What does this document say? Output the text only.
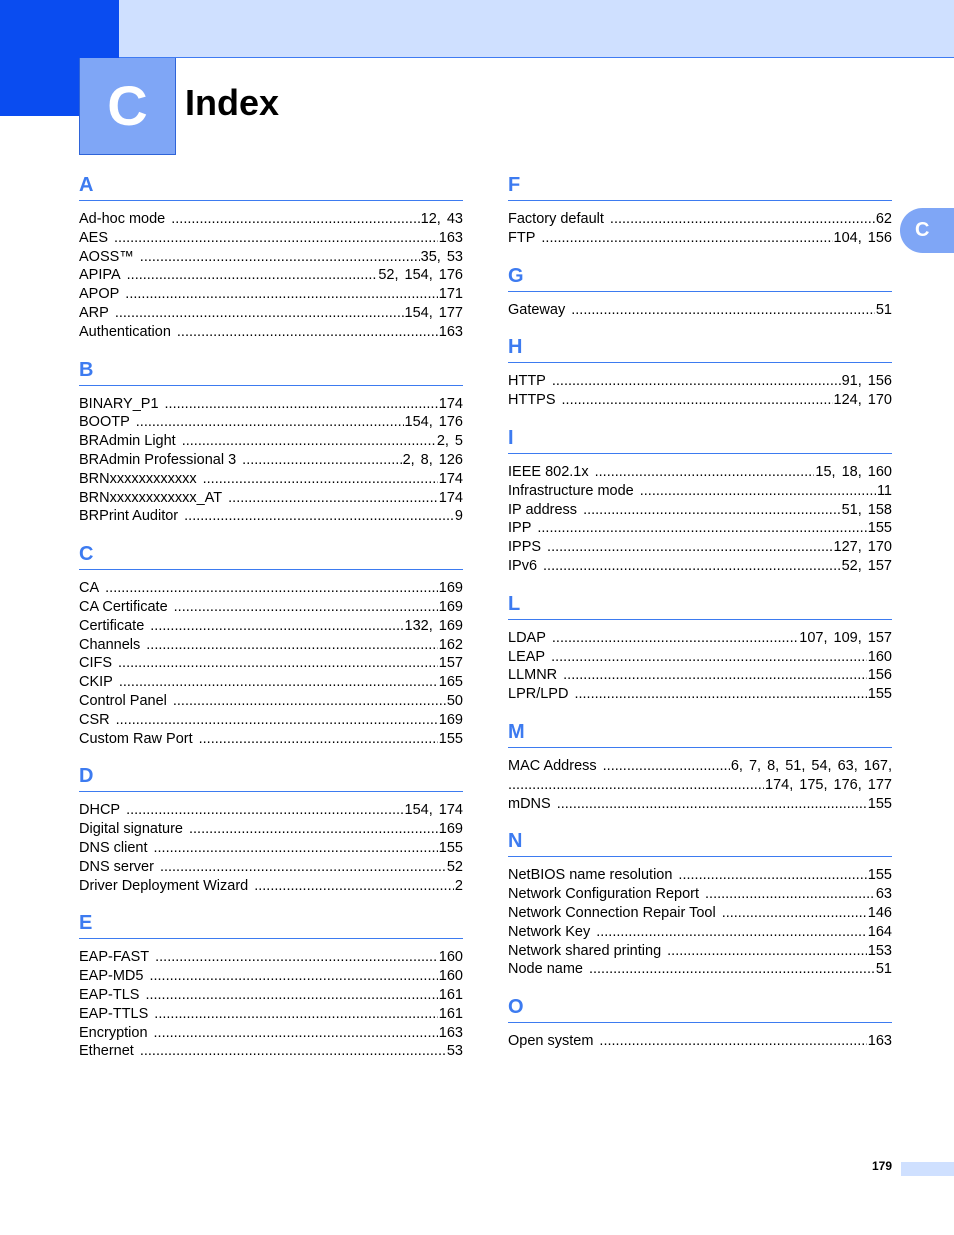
C Index
C
A
Ad-hoc mode .....	12, 43
AES .....	163
AOSS™ .....	35, 53
APIPA .....	52, 154, 176
APOP .....	171
ARP .....	154, 177
Authentication .....	163
B
BINARY_P1 .....	174
BOOTP .....	154, 176
BRAdmin Light .....	2, 5
BRAdmin Professional 3 .....	2, 8, 126
BRNxxxxxxxxxxxx .....	174
BRNxxxxxxxxxxxx_AT .....	174
BRPrint Auditor .....	9
C
CA .....	169
CA Certificate .....	169
Certificate .....	132, 169
Channels .....	162
CIFS .....	157
CKIP .....	165
Control Panel .....	50
CSR .....	169
Custom Raw Port .....	155
D
DHCP .....	154, 174
Digital signature .....	169
DNS client .....	155
DNS server .....	52
Driver Deployment Wizard .....	2
E
EAP-FAST .....	160
EAP-MD5 .....	160
EAP-TLS .....	161
EAP-TTLS .....	161
Encryption .....	163
Ethernet .....	53
F
Factory default .....	62
FTP .....	104, 156
G
Gateway .....	51
H
HTTP .....	91, 156
HTTPS .....	124, 170
I
IEEE 802.1x .....	15, 18, 160
Infrastructure mode .....	11
IP address .....	51, 158
IPP .....	155
IPPS .....	127, 170
IPv6 .....	52, 157
L
LDAP .....	107, 109, 157
LEAP .....	160
LLMNR .....	156
LPR/LPD .....	155
M
MAC Address .....	6, 7, 8, 51, 54, 63, 167,
.....
174, 175, 176, 177
mDNS .....	155
N
NetBIOS name resolution .....	155
Network Configuration Report .....	63
Network Connection Repair Tool .....	146
Network Key .....	164
Network shared printing .....	153
Node name .....	51
O
Open system .....	163
179
